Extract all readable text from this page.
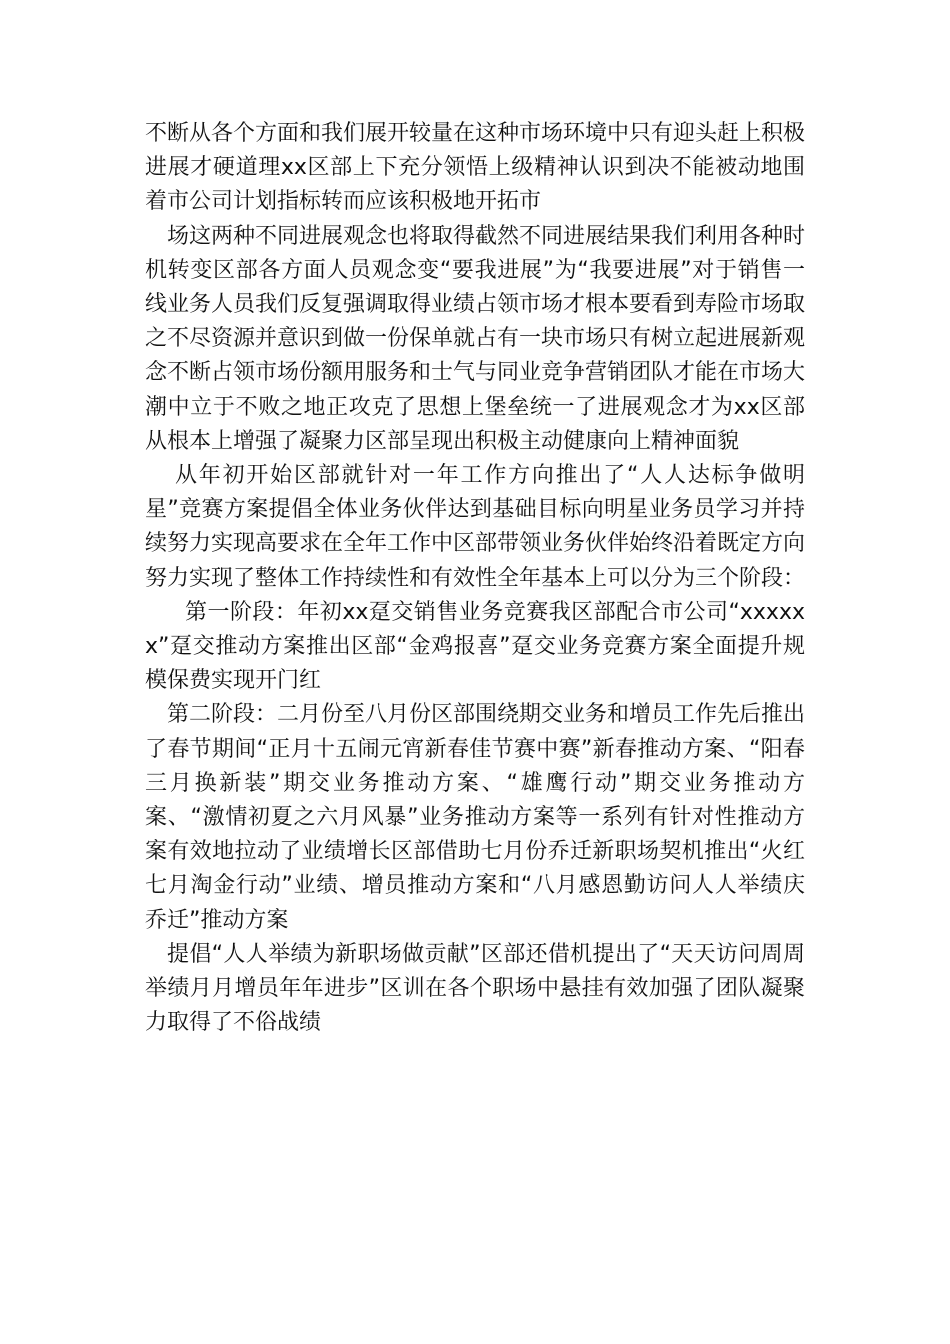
不断从各个方面和我们展开较量在这种市场环境中只有迎头赶上积极进展才硬道理xx区部上下充分领悟上级精神认识到决不能被动地围着市公司计划指标转而应该积极地开拓市

场这两种不同进展观念也将取得截然不同进展结果我们利用各种时机转变区部各方面人员观念变“要我进展”为“我要进展”对于销售一线业务人员我们反复强调取得业绩占领市场才根本要看到寿险市场取之不尽资源并意识到做一份保单就占有一块市场只有树立起进展新观念不断占领市场份额用服务和士气与同业竞争营销团队才能在市场大潮中立于不败之地正攻克了思想上堡垒统一了进展观念才为xx区部从根本上增强了凝聚力区部呈现出积极主动健康向上精神面貌

从年初开始区部就针对一年工作方向推出了“人人达标争做明星”竞赛方案提倡全体业务伙伴达到基础目标向明星业务员学习并持续努力实现高要求在全年工作中区部带领业务伙伴始终沿着既定方向努力实现了整体工作持续性和有效性全年基本上可以分为三个阶段：

第一阶段：年初xx趸交销售业务竞赛我区部配合市公司“xxxxxx”趸交推动方案推出区部“金鸡报喜”趸交业务竞赛方案全面提升规模保费实现开门红

第二阶段：二月份至八月份区部围绕期交业务和增员工作先后推出了春节期间“正月十五闹元宵新春佳节赛中赛”新春推动方案、“阳春三月换新装”期交业务推动方案、“雄鹰行动”期交业务推动方案、“激情初夏之六月风暴”业务推动方案等一系列有针对性推动方案有效地拉动了业绩增长区部借助七月份乔迁新职场契机推出“火红七月淘金行动”业绩、增员推动方案和“八月感恩勤访问人人举绩庆乔迁”推动方案

提倡“人人举绩为新职场做贡献”区部还借机提出了“天天访问周周举绩月月增员年年进步”区训在各个职场中悬挂有效加强了团队凝聚力取得了不俗战绩
